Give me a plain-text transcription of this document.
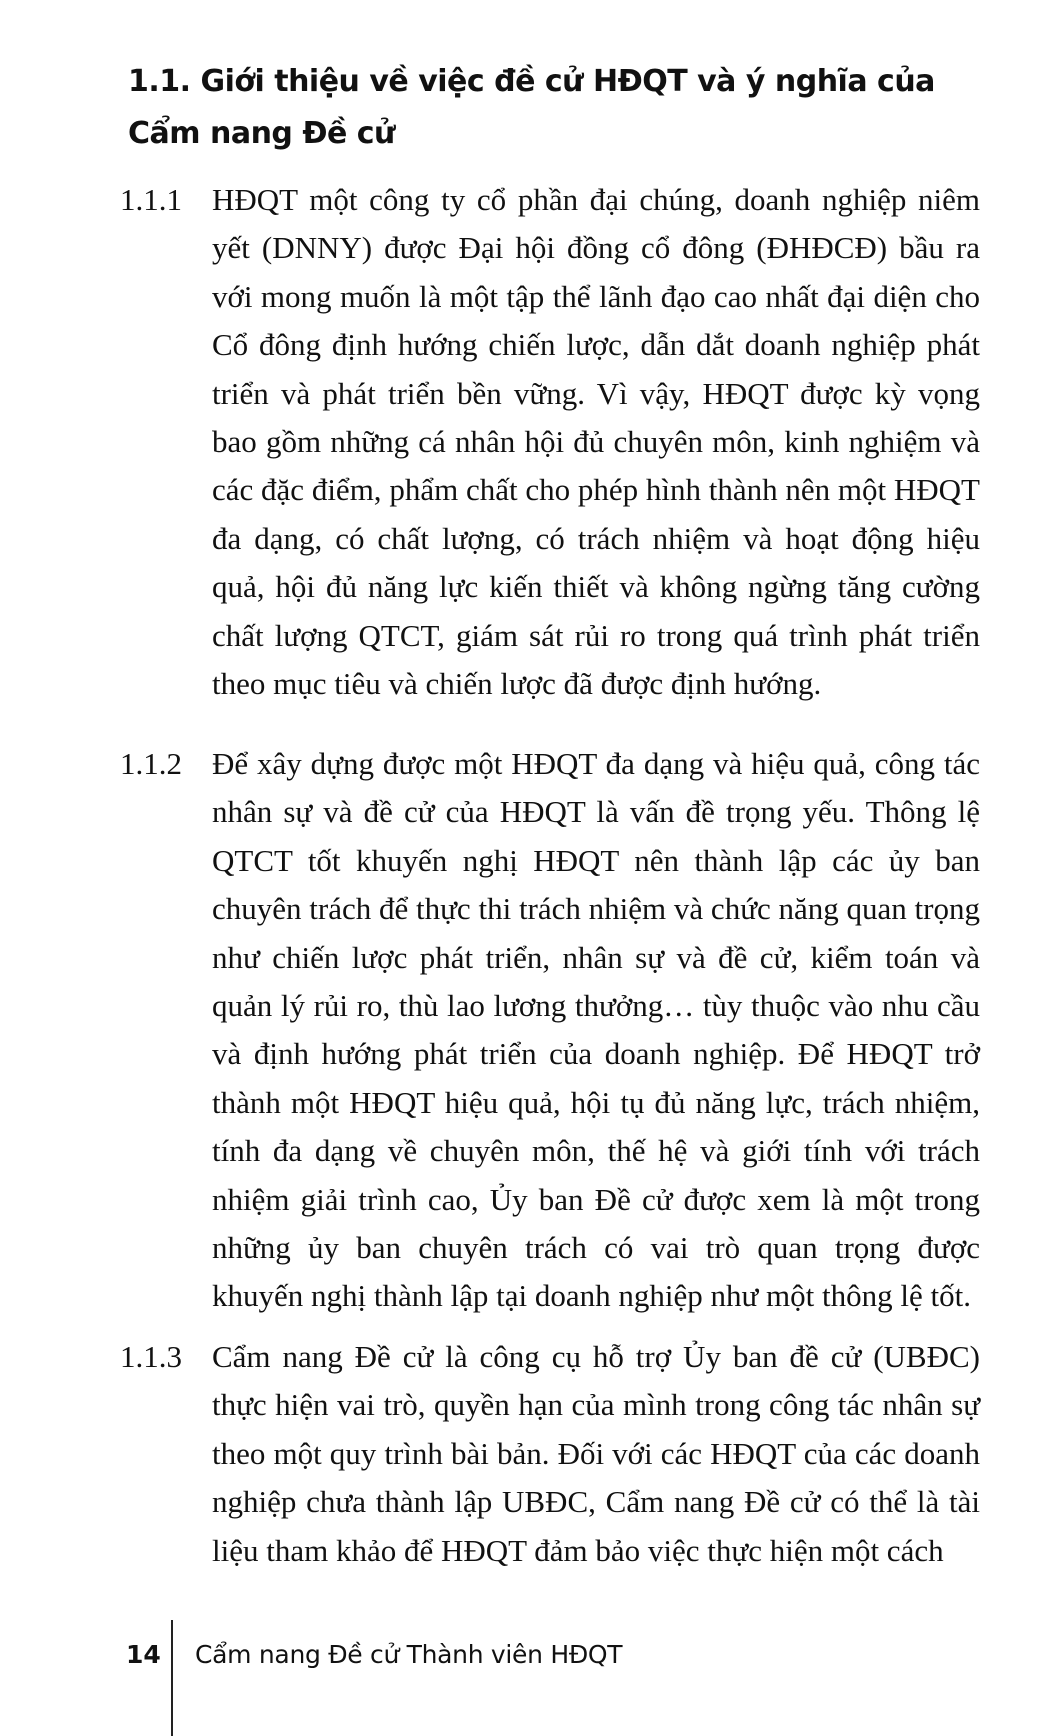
1.1. Giới thiệu về việc đề cử HĐQT và ý nghĩa của
Cẩm nang Đề cử
1.1.1 HĐQT một công ty cổ phần đại chúng, doanh nghiệp niêm yết (DNNY) được Đại hội đồng cổ đông (ĐHĐCĐ) bầu ra với mong muốn là một tập thể lãnh đạo cao nhất đại diện cho Cổ đông định hướng chiến lược, dẫn dắt doanh nghiệp phát triển và phát triển bền vững. Vì vậy, HĐQT được kỳ vọng bao gồm những cá nhân hội đủ chuyên môn, kinh nghiệm và các đặc điểm, phẩm chất cho phép hình thành nên một HĐQT đa dạng, có chất lượng, có trách nhiệm và hoạt động hiệu quả, hội đủ năng lực kiến thiết và không ngừng tăng cường chất lượng QTCT, giám sát rủi ro trong quá trình phát triển theo mục tiêu và chiến lược đã được định hướng.
1.1.2 Để xây dựng được một HĐQT đa dạng và hiệu quả, công tác nhân sự và đề cử của HĐQT là vấn đề trọng yếu. Thông lệ QTCT tốt khuyến nghị HĐQT nên thành lập các ủy ban chuyên trách để thực thi trách nhiệm và chức năng quan trọng như chiến lược phát triển, nhân sự và đề cử, kiểm toán và quản lý rủi ro, thù lao lương thưởng… tùy thuộc vào nhu cầu và định hướng phát triển của doanh nghiệp. Để HĐQT trở thành một HĐQT hiệu quả, hội tụ đủ năng lực, trách nhiệm, tính đa dạng về chuyên môn, thế hệ và giới tính với trách nhiệm giải trình cao, Ủy ban Đề cử được xem là một trong những ủy ban chuyên trách có vai trò quan trọng được khuyến nghị thành lập tại doanh nghiệp như một thông lệ tốt.
1.1.3 Cẩm nang Đề cử là công cụ hỗ trợ Ủy ban đề cử (UBĐC) thực hiện vai trò, quyền hạn của mình trong công tác nhân sự theo một quy trình bài bản. Đối với các HĐQT của các doanh nghiệp chưa thành lập UBĐC, Cẩm nang Đề cử có thể là tài liệu tham khảo để HĐQT đảm bảo việc thực hiện một cách
14 Cẩm nang Đề cử Thành viên HĐQT
